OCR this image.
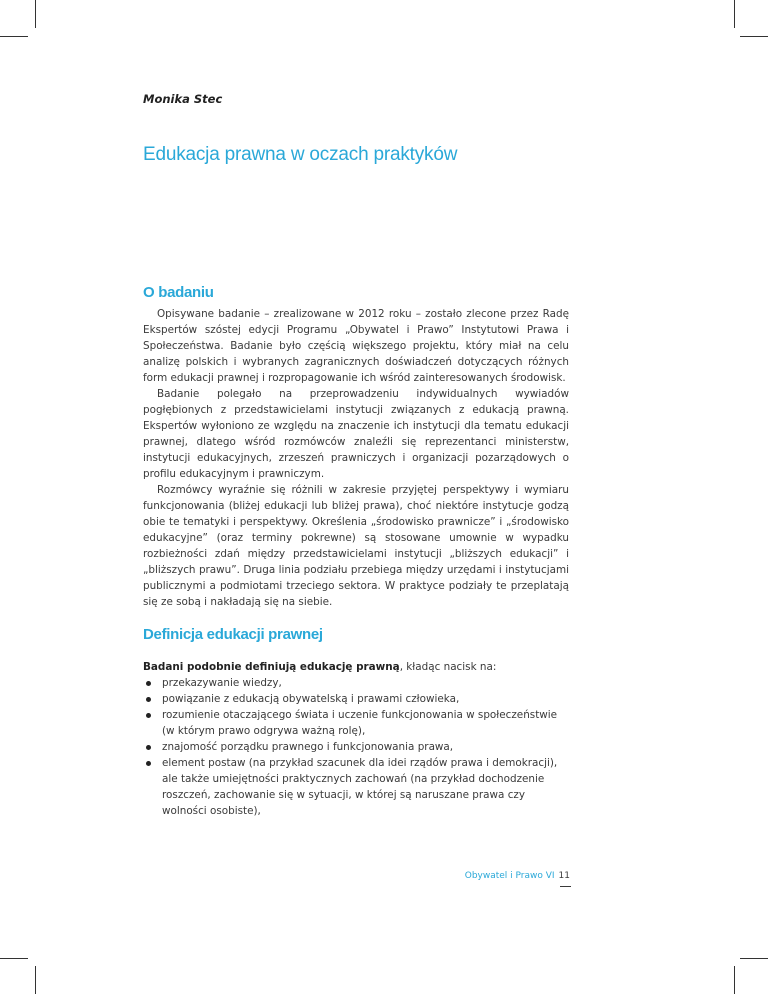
Monika Stec
Edukacja prawna w oczach praktyków
O badaniu

Opisywane badanie – zrealizowane w 2012 roku – zostało zlecone przez Radę Ekspertów szóstej edycji Programu „Obywatel i Prawo” Instytutowi Prawa i Społeczeństwa. Badanie było częścią większego projektu, który miał na celu analizę polskich i wybranych zagranicznych doświadczeń dotyczących różnych form edukacji prawnej i rozpropagowanie ich wśród zainteresowanych środowisk.

Badanie polegało na przeprowadzeniu indywidualnych wywiadów pogłębionych z przedstawicielami instytucji związanych z edukacją prawną. Ekspertów wyłoniono ze względu na znaczenie ich instytucji dla tematu edukacji prawnej, dlatego wśród rozmówców znaleźli się reprezentanci ministerstw, instytucji edukacyjnych, zrzeszeń prawniczych i organizacji pozarządowych o profilu edukacyjnym i prawniczym.

Rozmówcy wyraźnie się różnili w zakresie przyjętej perspektywy i wymiaru funkcjonowania (bliżej edukacji lub bliżej prawa), choć niektóre instytucje godzą obie te tematyki i perspektywy. Określenia „środowisko prawnicze” i „środowisko edukacyjne” (oraz terminy pokrewne) są stosowane umownie w wypadku rozbieżności zdań między przedstawicielami instytucji „bliższych edukacji” i „bliższych prawu”. Druga linia podziału przebiega między urzędami i instytucjami publicznymi a podmiotami trzeciego sektora. W praktyce podziały te przeplatają się ze sobą i nakładają się na siebie.

Definicja edukacji prawnej
Badani podobnie definiują edukację prawną, kładąc nacisk na:
przekazywanie wiedzy,
powiązanie z edukacją obywatelską i prawami człowieka,
rozumienie otaczającego świata i uczenie funkcjonowania w społeczeństwie (w którym prawo odgrywa ważną rolę),
znajomość porządku prawnego i funkcjonowania prawa,
element postaw (na przykład szacunek dla idei rządów prawa i demokracji), ale także umiejętności praktycznych zachowań (na przykład dochodzenie roszczeń, zachowanie się w sytuacji, w której są naruszane prawa czy wolności osobiste),
Obywatel i Prawo VI 11
